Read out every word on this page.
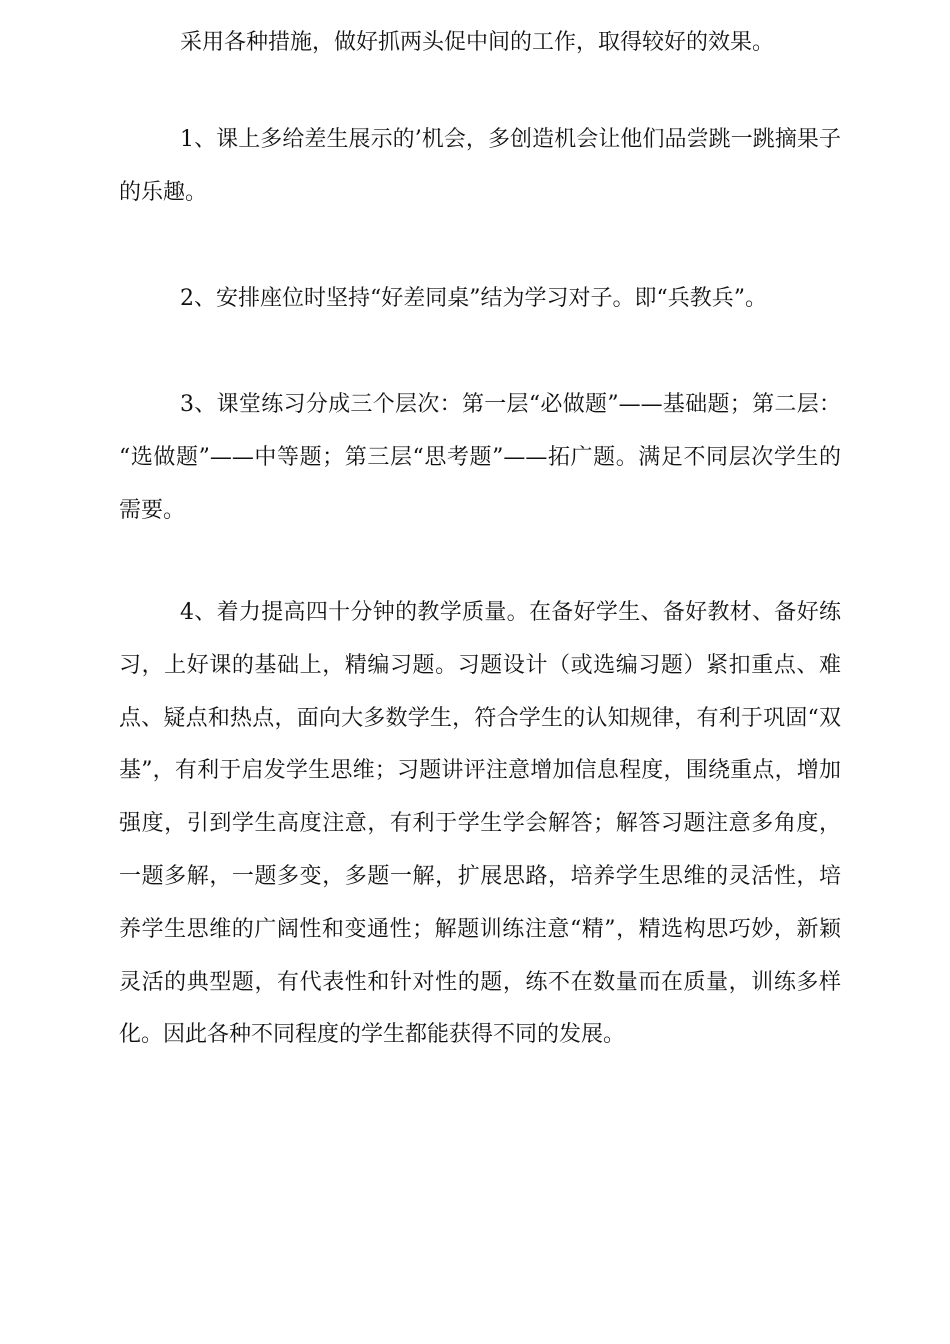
采用各种措施，做好抓两头促中间的工作，取得较好的效果。

1、课上多给差生展示的’机会，多创造机会让他们品尝跳一跳摘果子的乐趣。

2、安排座位时坚持“好差同桌”结为学习对子。即“兵教兵”。

3、课堂练习分成三个层次：第一层“必做题”——基础题；第二层：“选做题”——中等题；第三层“思考题”——拓广题。满足不同层次学生的需要。

4、着力提高四十分钟的教学质量。在备好学生、备好教材、备好练习，上好课的基础上，精编习题。习题设计（或选编习题）紧扣重点、难点、疑点和热点，面向大多数学生，符合学生的认知规律，有利于巩固“双基”，有利于启发学生思维；习题讲评注意增加信息程度，围绕重点，增加强度，引到学生高度注意，有利于学生学会解答；解答习题注意多角度，一题多解，一题多变，多题一解，扩展思路，培养学生思维的灵活性，培养学生思维的广阔性和变通性；解题训练注意“精”，精选构思巧妙，新颖灵活的典型题，有代表性和针对性的题，练不在数量而在质量，训练多样化。因此各种不同程度的学生都能获得不同的发展。
